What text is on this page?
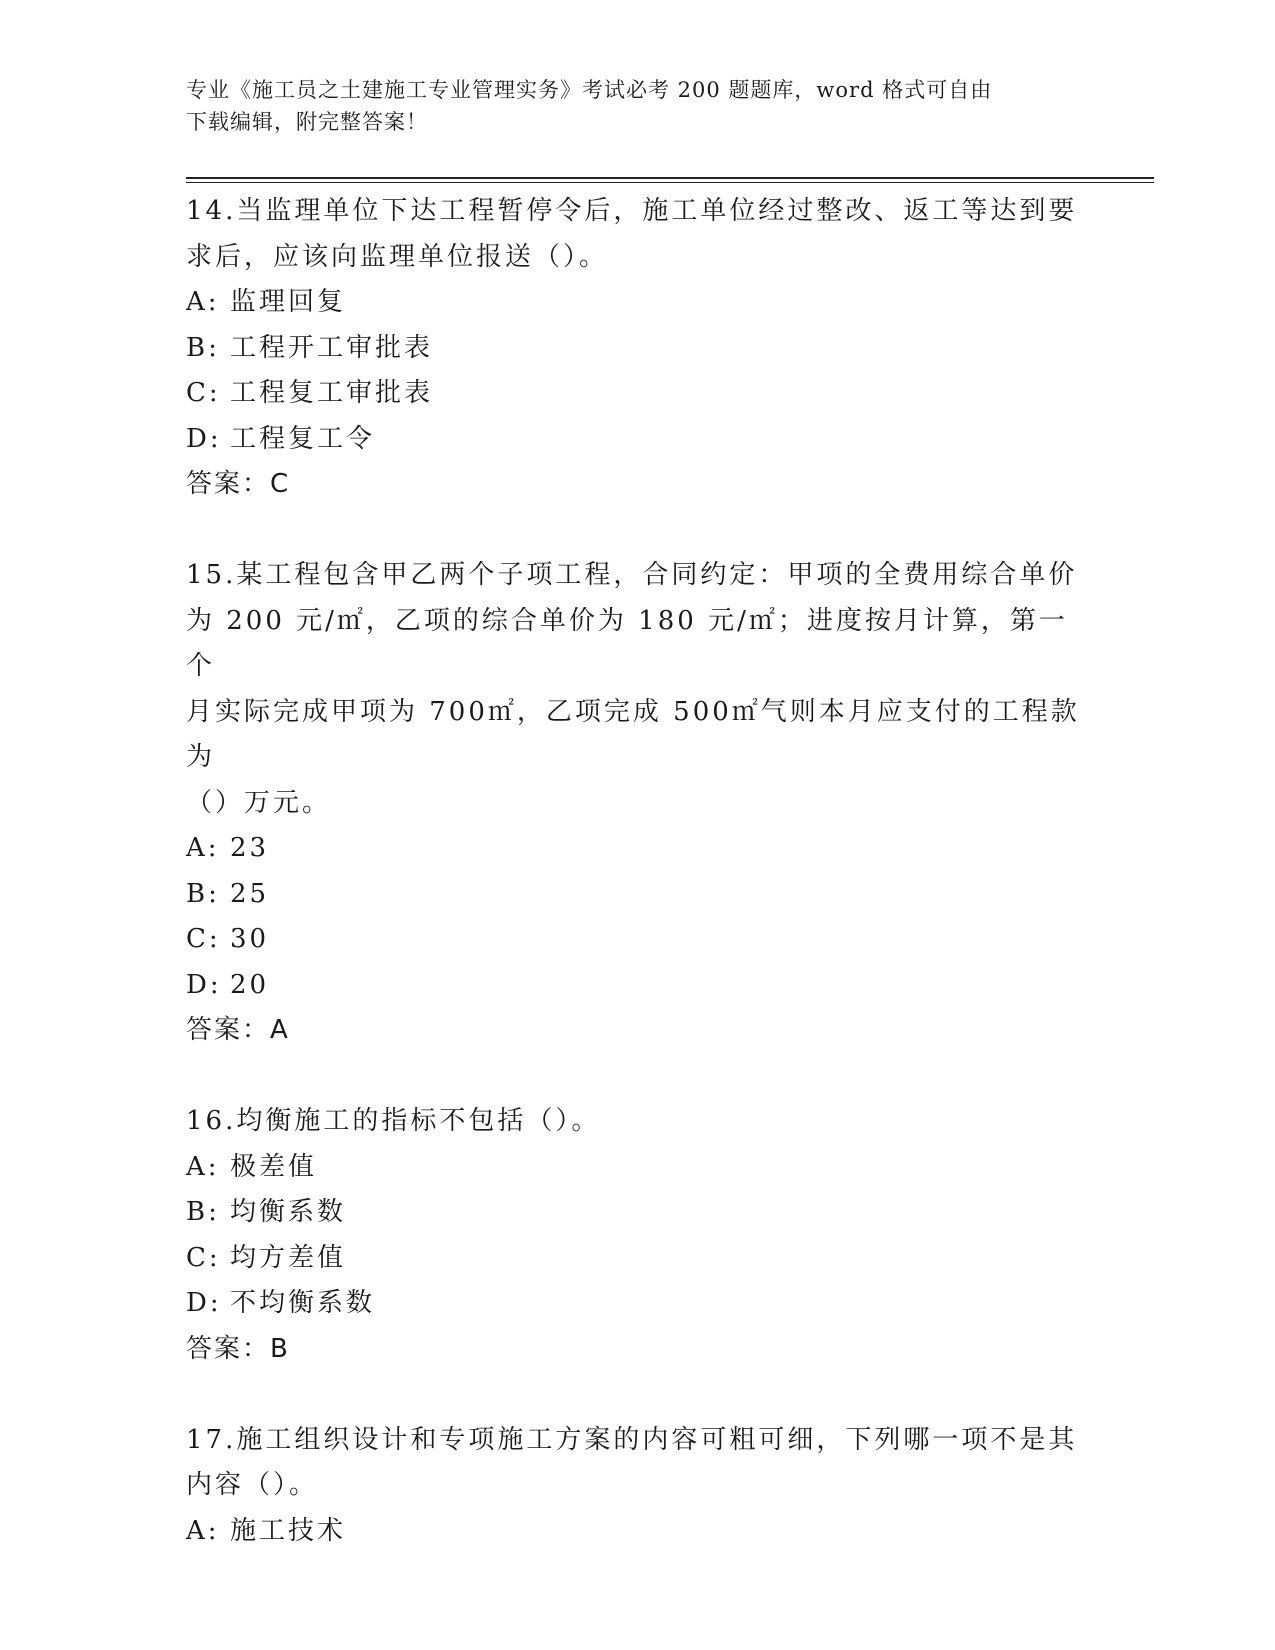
专业《施工员之土建施工专业管理实务》考试必考 200 题题库，word 格式可自由
下载编辑，附完整答案！

14.当监理单位下达工程暂停令后，施工单位经过整改、返工等达到要

求后，应该向监理单位报送（）。

A: 监理回复

B: 工程开工审批表

C: 工程复工审批表

D: 工程复工令

答案：C

15.某工程包含甲乙两个子项工程，合同约定：甲项的全费用综合单价

为 200 元/㎡，乙项的综合单价为 180 元/㎡；进度按月计算，第一个

月实际完成甲项为 700㎡，乙项完成 500㎡气则本月应支付的工程款为

（）万元。

A: 23

B: 25

C: 30

D: 20

答案：A

16.均衡施工的指标不包括（）。

A: 极差值

B: 均衡系数

C: 均方差值

D: 不均衡系数

答案：B

17.施工组织设计和专项施工方案的内容可粗可细，下列哪一项不是其

内容（）。

A: 施工技术
